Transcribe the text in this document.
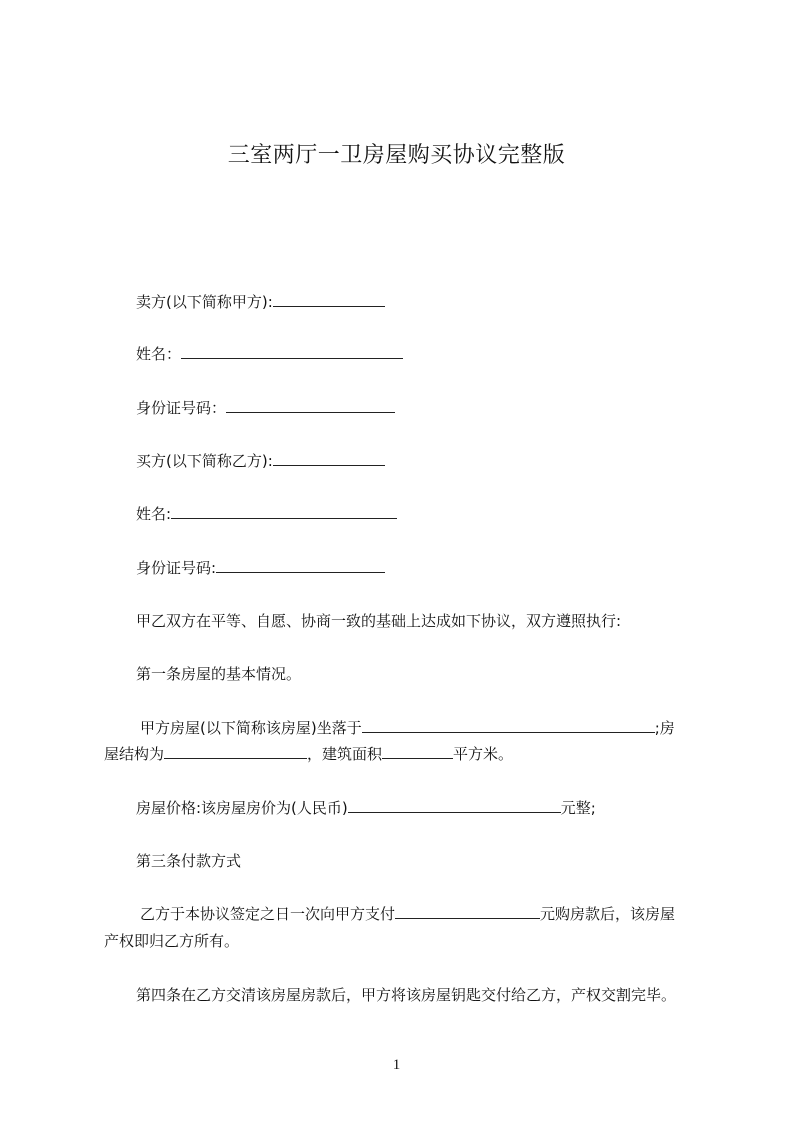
三室两厅一卫房屋购买协议完整版
卖方(以下简称甲方):
姓名：
身份证号码：
买方(以下简称乙方):
姓名:
身份证号码:
甲乙双方在平等、自愿、协商一致的基础上达成如下协议，双方遵照执行:
第一条房屋的基本情况。
甲方房屋(以下简称该房屋)坐落于	;房
屋结构为	，建筑面积	平方米。
房屋价格:该房屋房价为(人民币)	元整;
第三条付款方式
乙方于本协议签定之日一次向甲方支付	元购房款后，该房屋
产权即归乙方所有。
第四条在乙方交清该房屋房款后，甲方将该房屋钥匙交付给乙方，产权交割完毕。
1
